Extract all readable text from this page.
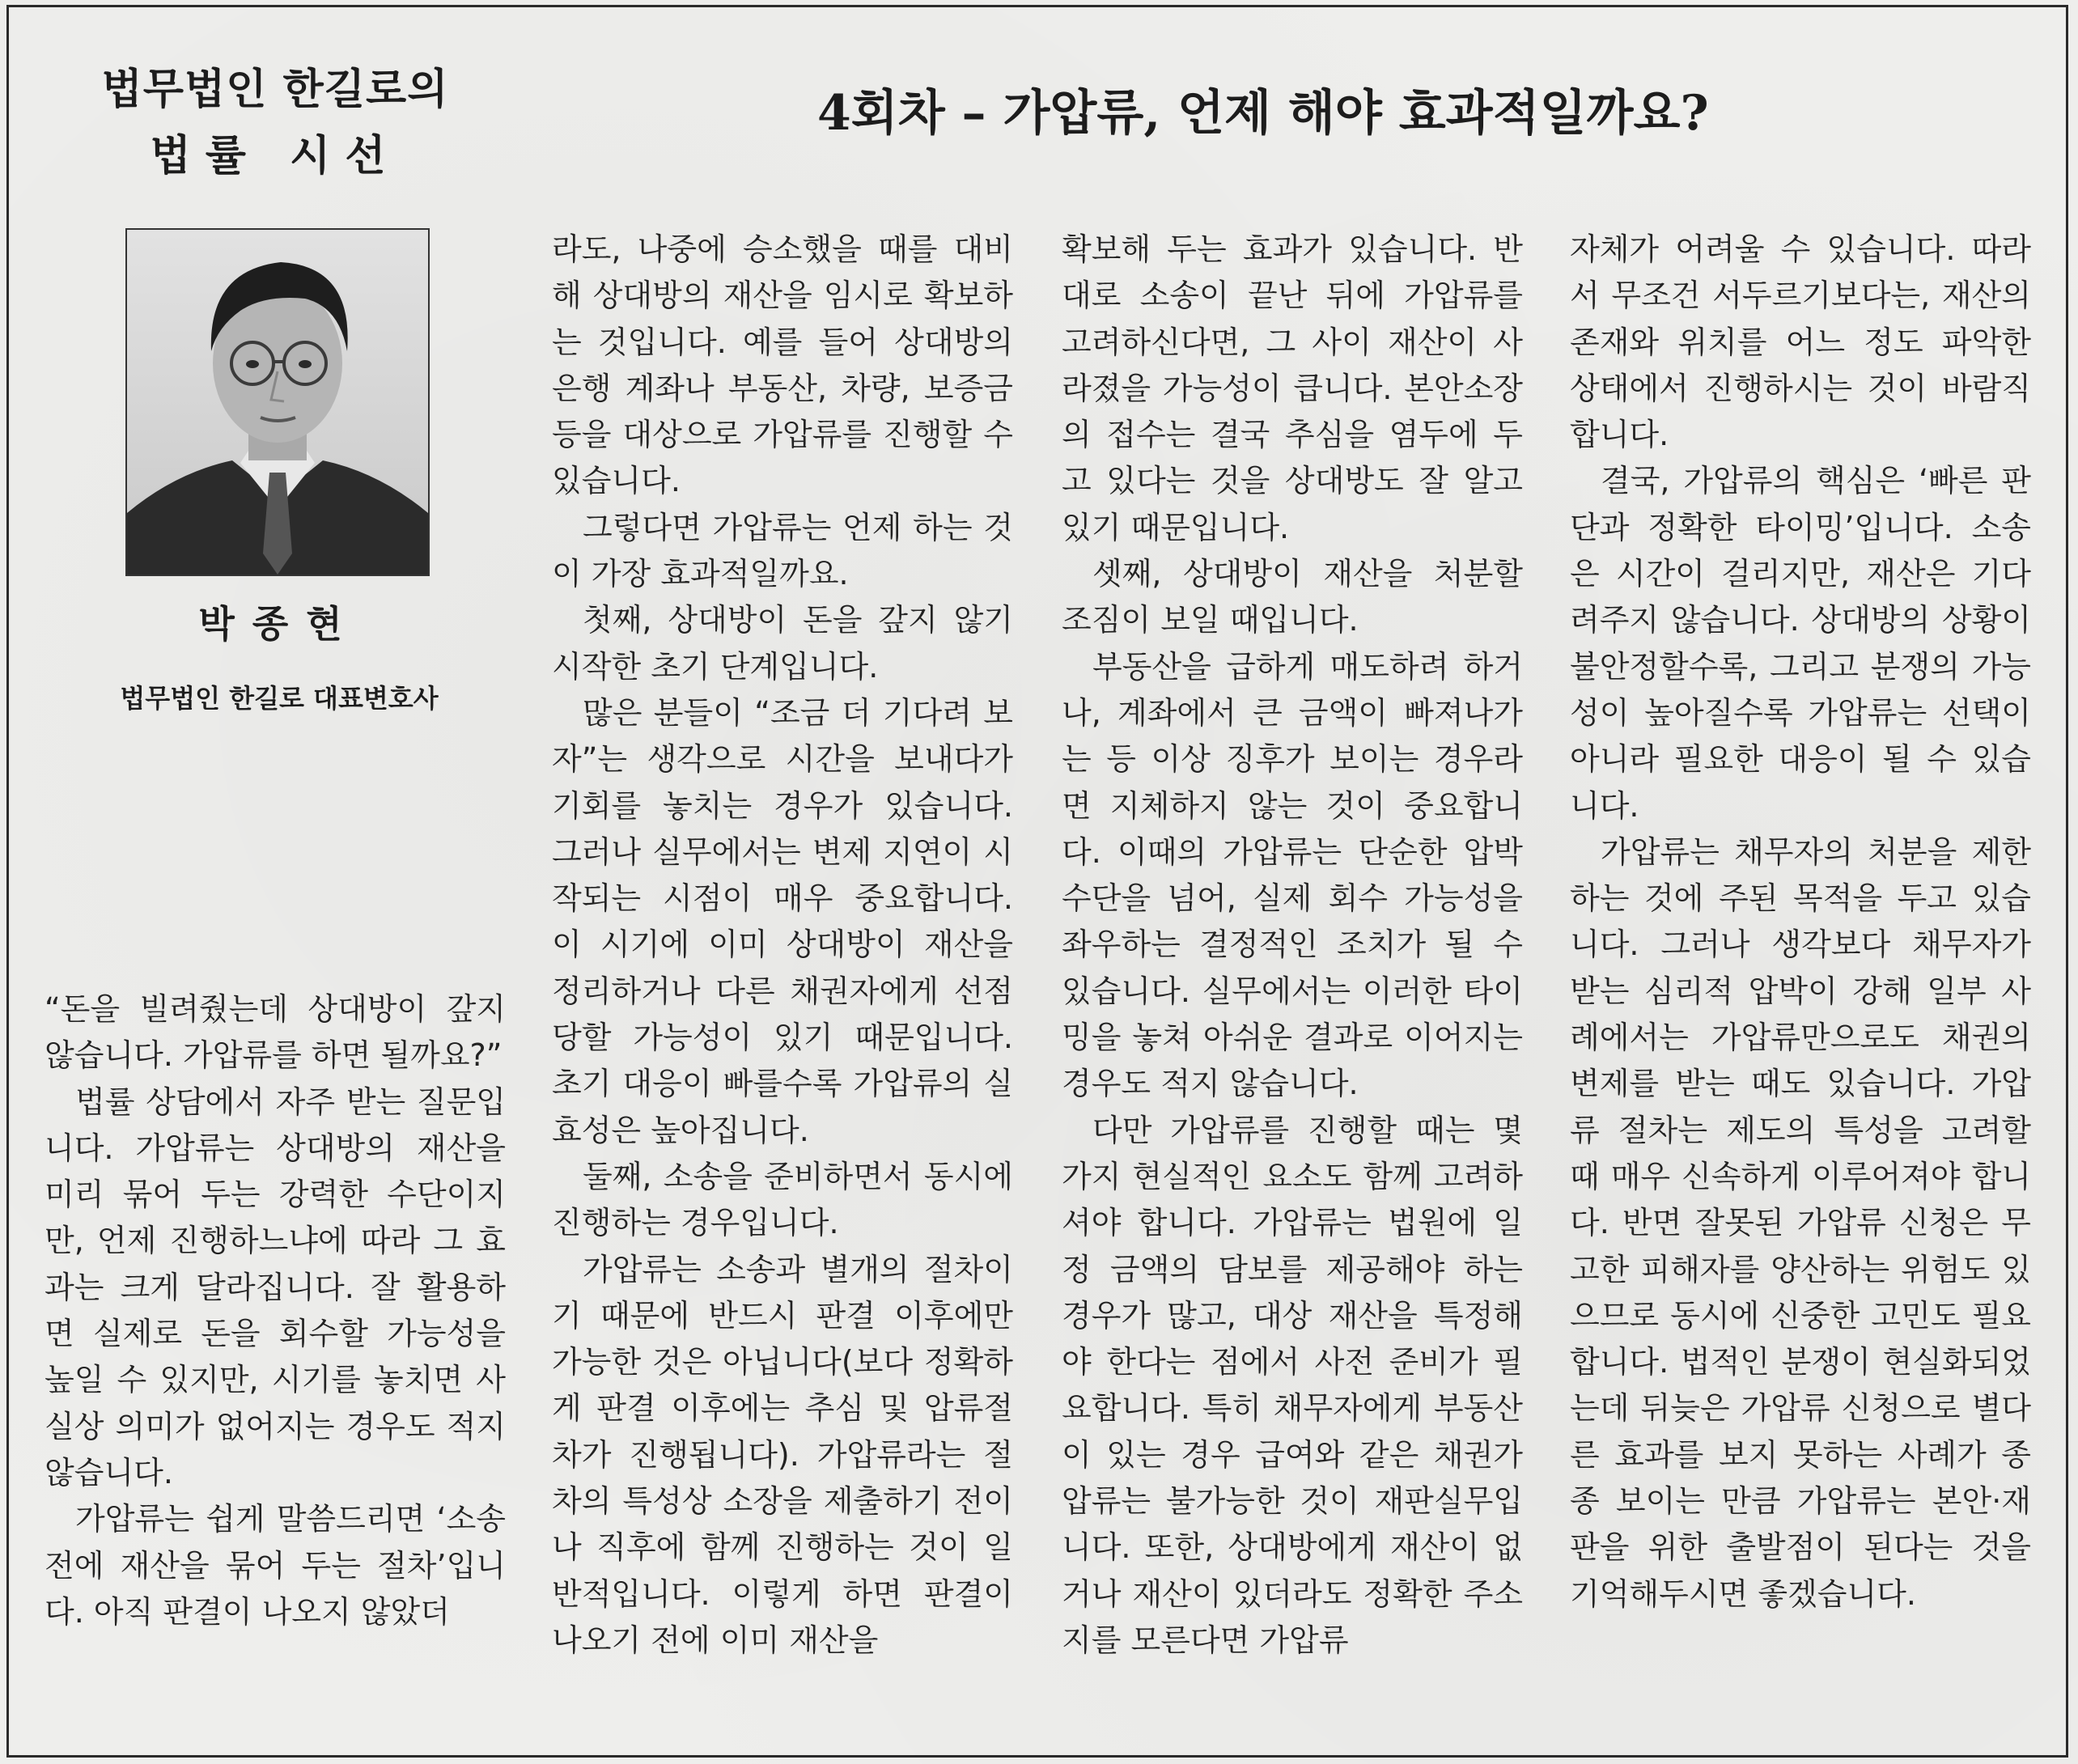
법무법인 한길로의
법률 시선
4회차 – 가압류, 언제 해야 효과적일까요?
박종현
법무법인 한길로 대표변호사

“돈을 빌려줬는데 상대방이 갚지 않습니다. 가압류를 하면 될까요?”

법률 상담에서 자주 받는 질문입니다. 가압류는 상대방의 재산을 미리 묶어 두는 강력한 수단이지만, 언제 진행하느냐에 따라 그 효과는 크게 달라집니다. 잘 활용하면 실제로 돈을 회수할 가능성을 높일 수 있지만, 시기를 놓치면 사실상 의미가 없어지는 경우도 적지 않습니다.

가압류는 쉽게 말씀드리면 ‘소송 전에 재산을 묶어 두는 절차’입니다. 아직 판결이 나오지 않았더

라도, 나중에 승소했을 때를 대비해 상대방의 재산을 임시로 확보하는 것입니다. 예를 들어 상대방의 은행 계좌나 부동산, 차량, 보증금 등을 대상으로 가압류를 진행할 수 있습니다.

그렇다면 가압류는 언제 하는 것이 가장 효과적일까요.

첫째, 상대방이 돈을 갚지 않기 시작한 초기 단계입니다.

많은 분들이 “조금 더 기다려 보자”는 생각으로 시간을 보내다가 기회를 놓치는 경우가 있습니다. 그러나 실무에서는 변제 지연이 시작되는 시점이 매우 중요합니다. 이 시기에 이미 상대방이 재산을 정리하거나 다른 채권자에게 선점당할 가능성이 있기 때문입니다. 초기 대응이 빠를수록 가압류의 실효성은 높아집니다.

둘째, 소송을 준비하면서 동시에 진행하는 경우입니다.

가압류는 소송과 별개의 절차이기 때문에 반드시 판결 이후에만 가능한 것은 아닙니다(보다 정확하게 판결 이후에는 추심 및 압류절차가 진행됩니다). 가압류라는 절차의 특성상 소장을 제출하기 전이나 직후에 함께 진행하는 것이 일반적입니다. 이렇게 하면 판결이 나오기 전에 이미 재산을

확보해 두는 효과가 있습니다. 반대로 소송이 끝난 뒤에 가압류를 고려하신다면, 그 사이 재산이 사라졌을 가능성이 큽니다. 본안소장의 접수는 결국 추심을 염두에 두고 있다는 것을 상대방도 잘 알고 있기 때문입니다.

셋째, 상대방이 재산을 처분할 조짐이 보일 때입니다.

부동산을 급하게 매도하려 하거나, 계좌에서 큰 금액이 빠져나가는 등 이상 징후가 보이는 경우라면 지체하지 않는 것이 중요합니다. 이때의 가압류는 단순한 압박 수단을 넘어, 실제 회수 가능성을 좌우하는 결정적인 조치가 될 수 있습니다. 실무에서는 이러한 타이밍을 놓쳐 아쉬운 결과로 이어지는 경우도 적지 않습니다.

다만 가압류를 진행할 때는 몇 가지 현실적인 요소도 함께 고려하셔야 합니다. 가압류는 법원에 일정 금액의 담보를 제공해야 하는 경우가 많고, 대상 재산을 특정해야 한다는 점에서 사전 준비가 필요합니다. 특히 채무자에게 부동산이 있는 경우 급여와 같은 채권가압류는 불가능한 것이 재판실무입니다. 또한, 상대방에게 재산이 없거나 재산이 있더라도 정확한 주소지를 모른다면 가압류

자체가 어려울 수 있습니다. 따라서 무조건 서두르기보다는, 재산의 존재와 위치를 어느 정도 파악한 상태에서 진행하시는 것이 바람직합니다.

결국, 가압류의 핵심은 ‘빠른 판단과 정확한 타이밍’입니다. 소송은 시간이 걸리지만, 재산은 기다려주지 않습니다. 상대방의 상황이 불안정할수록, 그리고 분쟁의 가능성이 높아질수록 가압류는 선택이 아니라 필요한 대응이 될 수 있습니다.

가압류는 채무자의 처분을 제한하는 것에 주된 목적을 두고 있습니다. 그러나 생각보다 채무자가 받는 심리적 압박이 강해 일부 사례에서는 가압류만으로도 채권의 변제를 받는 때도 있습니다. 가압류 절차는 제도의 특성을 고려할 때 매우 신속하게 이루어져야 합니다. 반면 잘못된 가압류 신청은 무고한 피해자를 양산하는 위험도 있으므로 동시에 신중한 고민도 필요합니다. 법적인 분쟁이 현실화되었는데 뒤늦은 가압류 신청으로 별다른 효과를 보지 못하는 사례가 종종 보이는 만큼 가압류는 본안·재판을 위한 출발점이 된다는 것을 기억해두시면 좋겠습니다.
